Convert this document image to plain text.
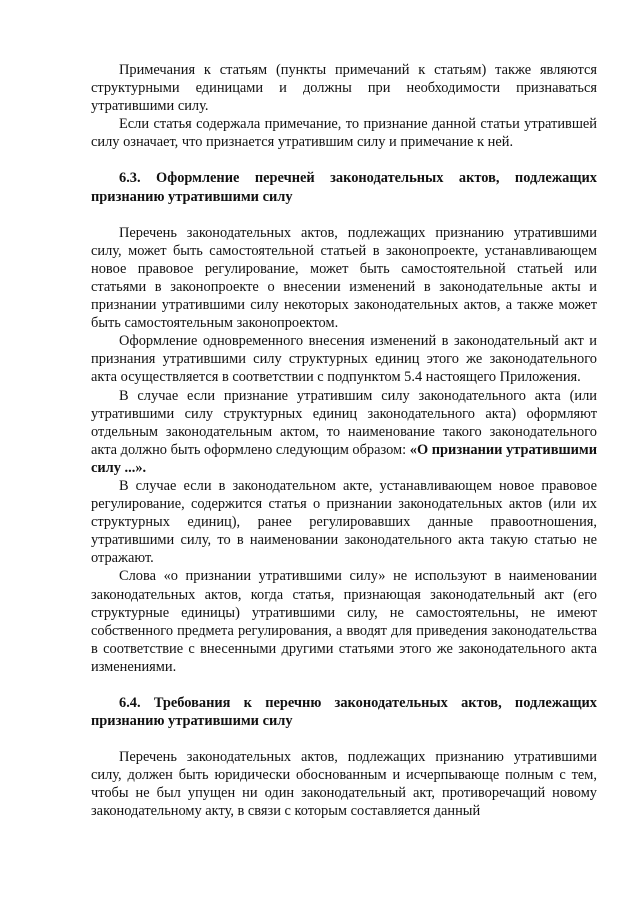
Примечания к статьям (пункты примечаний к статьям) также являются структурными единицами и должны при необходимости признаваться утратившими силу.

Если статья содержала примечание, то признание данной статьи утратившей силу означает, что признается утратившим силу и примечание к ней.

6.3. Оформление перечней законодательных актов, подлежащих признанию утратившими силу

Перечень законодательных актов, подлежащих признанию утратившими силу, может быть самостоятельной статьей в законопроекте, устанавливающем новое правовое регулирование, может быть самостоятельной статьей или статьями в законопроекте о внесении изменений в законодательные акты и признании утратившими силу некоторых законодательных актов, а также может быть самостоятельным законопроектом.

Оформление одновременного внесения изменений в законодательный акт и признания утратившими силу структурных единиц этого же законодательного акта осуществляется в соответствии с подпунктом 5.4 настоящего Приложения.

В случае если признание утратившим силу законодательного акта (или утратившими силу структурных единиц законодательного акта) оформляют отдельным законодательным актом, то наименование такого законодательного акта должно быть оформлено следующим образом: «О признании утратившими силу ...».

В случае если в законодательном акте, устанавливающем новое правовое регулирование, содержится статья о признании законодательных актов (или их структурных единиц), ранее регулировавших данные правоотношения, утратившими силу, то в наименовании законодательного акта такую статью не отражают.

Слова «о признании утратившими силу» не используют в наименовании законодательных актов, когда статья, признающая законодательный акт (его структурные единицы) утратившими силу, не самостоятельны, не имеют собственного предмета регулирования, а вводят для приведения законодательства в соответствие с внесенными другими статьями этого же законодательного акта изменениями.

6.4. Требования к перечню законодательных актов, подлежащих признанию утратившими силу

Перечень законодательных актов, подлежащих признанию утратившими силу, должен быть юридически обоснованным и исчерпывающе полным с тем, чтобы не был упущен ни один законодательный акт, противоречащий новому законодательному акту, в связи с которым составляется данный
